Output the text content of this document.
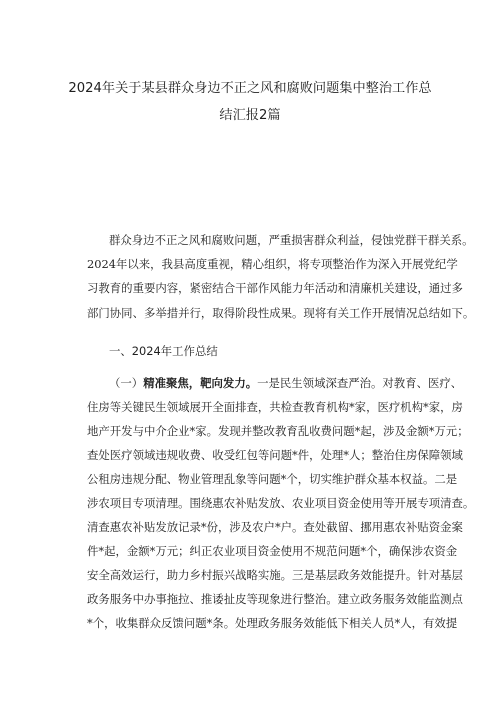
2024年关于某县群众身边不正之风和腐败问题集中整治工作总
结汇报2篇
群众身边不正之风和腐败问题，严重损害群众利益，侵蚀党群干群关系。
2024年以来，我县高度重视，精心组织，将专项整治作为深入开展党纪学
习教育的重要内容，紧密结合干部作风能力年活动和清廉机关建设，通过多
部门协同、多举措并行，取得阶段性成果。现将有关工作开展情况总结如下。
一、2024年工作总结
（一）精准聚焦，靶向发力。一是民生领域深查严治。对教育、医疗、
住房等关键民生领域展开全面排查，共检查教育机构*家，医疗机构*家，房
地产开发与中介企业*家。发现并整改教育乱收费问题*起，涉及金额*万元；
查处医疗领域违规收费、收受红包等问题*件，处理*人；整治住房保障领域
公租房违规分配、物业管理乱象等问题*个，切实维护群众基本权益。二是
涉农项目专项清理。围绕惠农补贴发放、农业项目资金使用等开展专项清查。
清查惠农补贴发放记录*份，涉及农户*户。查处截留、挪用惠农补贴资金案
件*起，金额*万元；纠正农业项目资金使用不规范问题*个，确保涉农资金
安全高效运行，助力乡村振兴战略实施。三是基层政务效能提升。针对基层
政务服务中办事拖拉、推诿扯皮等现象进行整治。建立政务服务效能监测点
*个，收集群众反馈问题*条。处理政务服务效能低下相关人员*人，有效提
